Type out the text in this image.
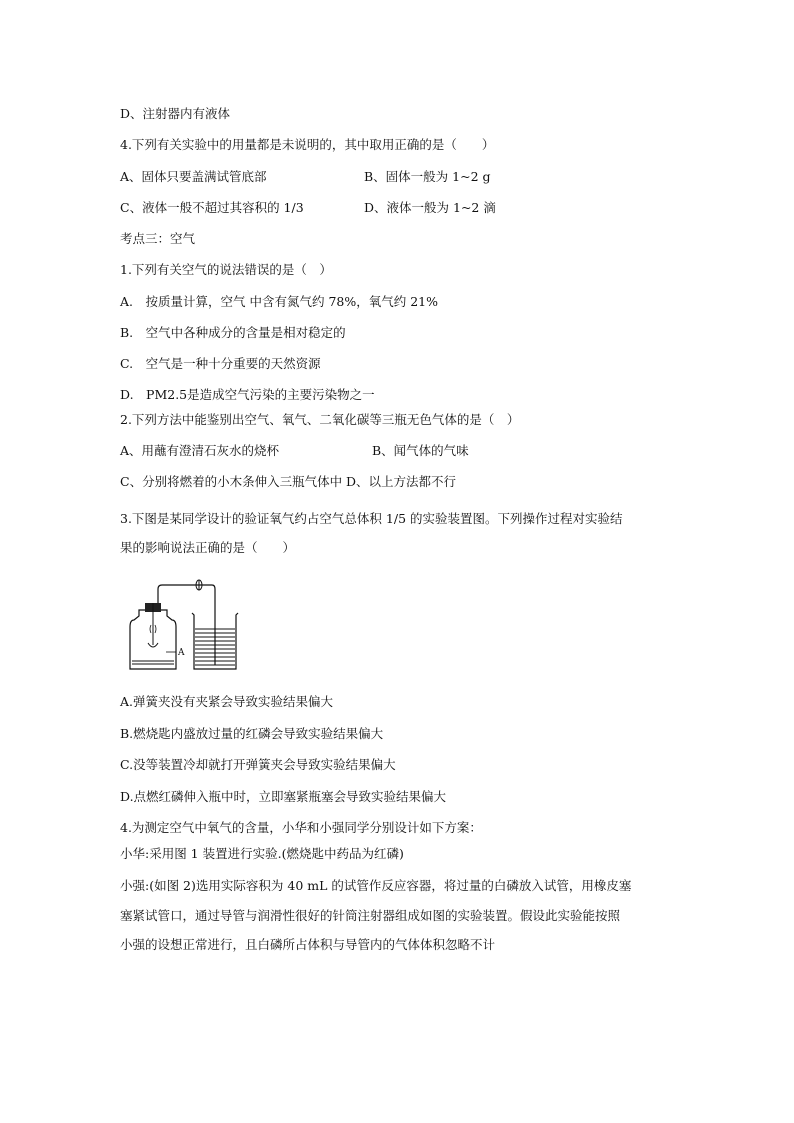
D、注射器内有液体
4.下列有关实验中的用量都是未说明的，其中取用正确的是（　　）
A、固体只要盖满试管底部	B、固体一般为 1~2 g
C、液体一般不超过其容积的 1/3	D、液体一般为 1~2 滴
考点三：空气
1.下列有关空气的说法错误的是（　）
A.　按质量计算，空气 中含有氮气约 78%，氧气约 21%
B.　空气中各种成分的含量是相对稳定的
C.　空气是一种十分重要的天然资源
D.　PM2.5是造成空气污染的主要污染物之一
2.下列方法中能鉴别出空气、氧气、二氧化碳等三瓶无色气体的是（　）
A、用蘸有澄清石灰水的烧杯	B、闻气体的气味
C、分别将燃着的小木条伸入三瓶气体中 D、以上方法都不行
3.下图是某同学设计的验证氧气约占空气总体积 1/5 的实验装置图。下列操作过程对实验结
果的影响说法正确的是（　　）
A
A.弹簧夹没有夹紧会导致实验结果偏大
B.燃烧匙内盛放过量的红磷会导致实验结果偏大
C.没等装置冷却就打开弹簧夹会导致实验结果偏大
D.点燃红磷伸入瓶中时，立即塞紧瓶塞会导致实验结果偏大
4.为测定空气中氧气的含量，小华和小强同学分别设计如下方案：
小华:采用图 1 装置进行实验.(燃烧匙中药品为红磷)
小强:(如图 2)选用实际容积为 40 mL 的试管作反应容器，将过量的白磷放入试管，用橡皮塞
塞紧试管口，通过导管与润滑性很好的针筒注射器组成如图的实验装置。假设此实验能按照
小强的设想正常进行，且白磷所占体积与导管内的气体体积忽略不计
